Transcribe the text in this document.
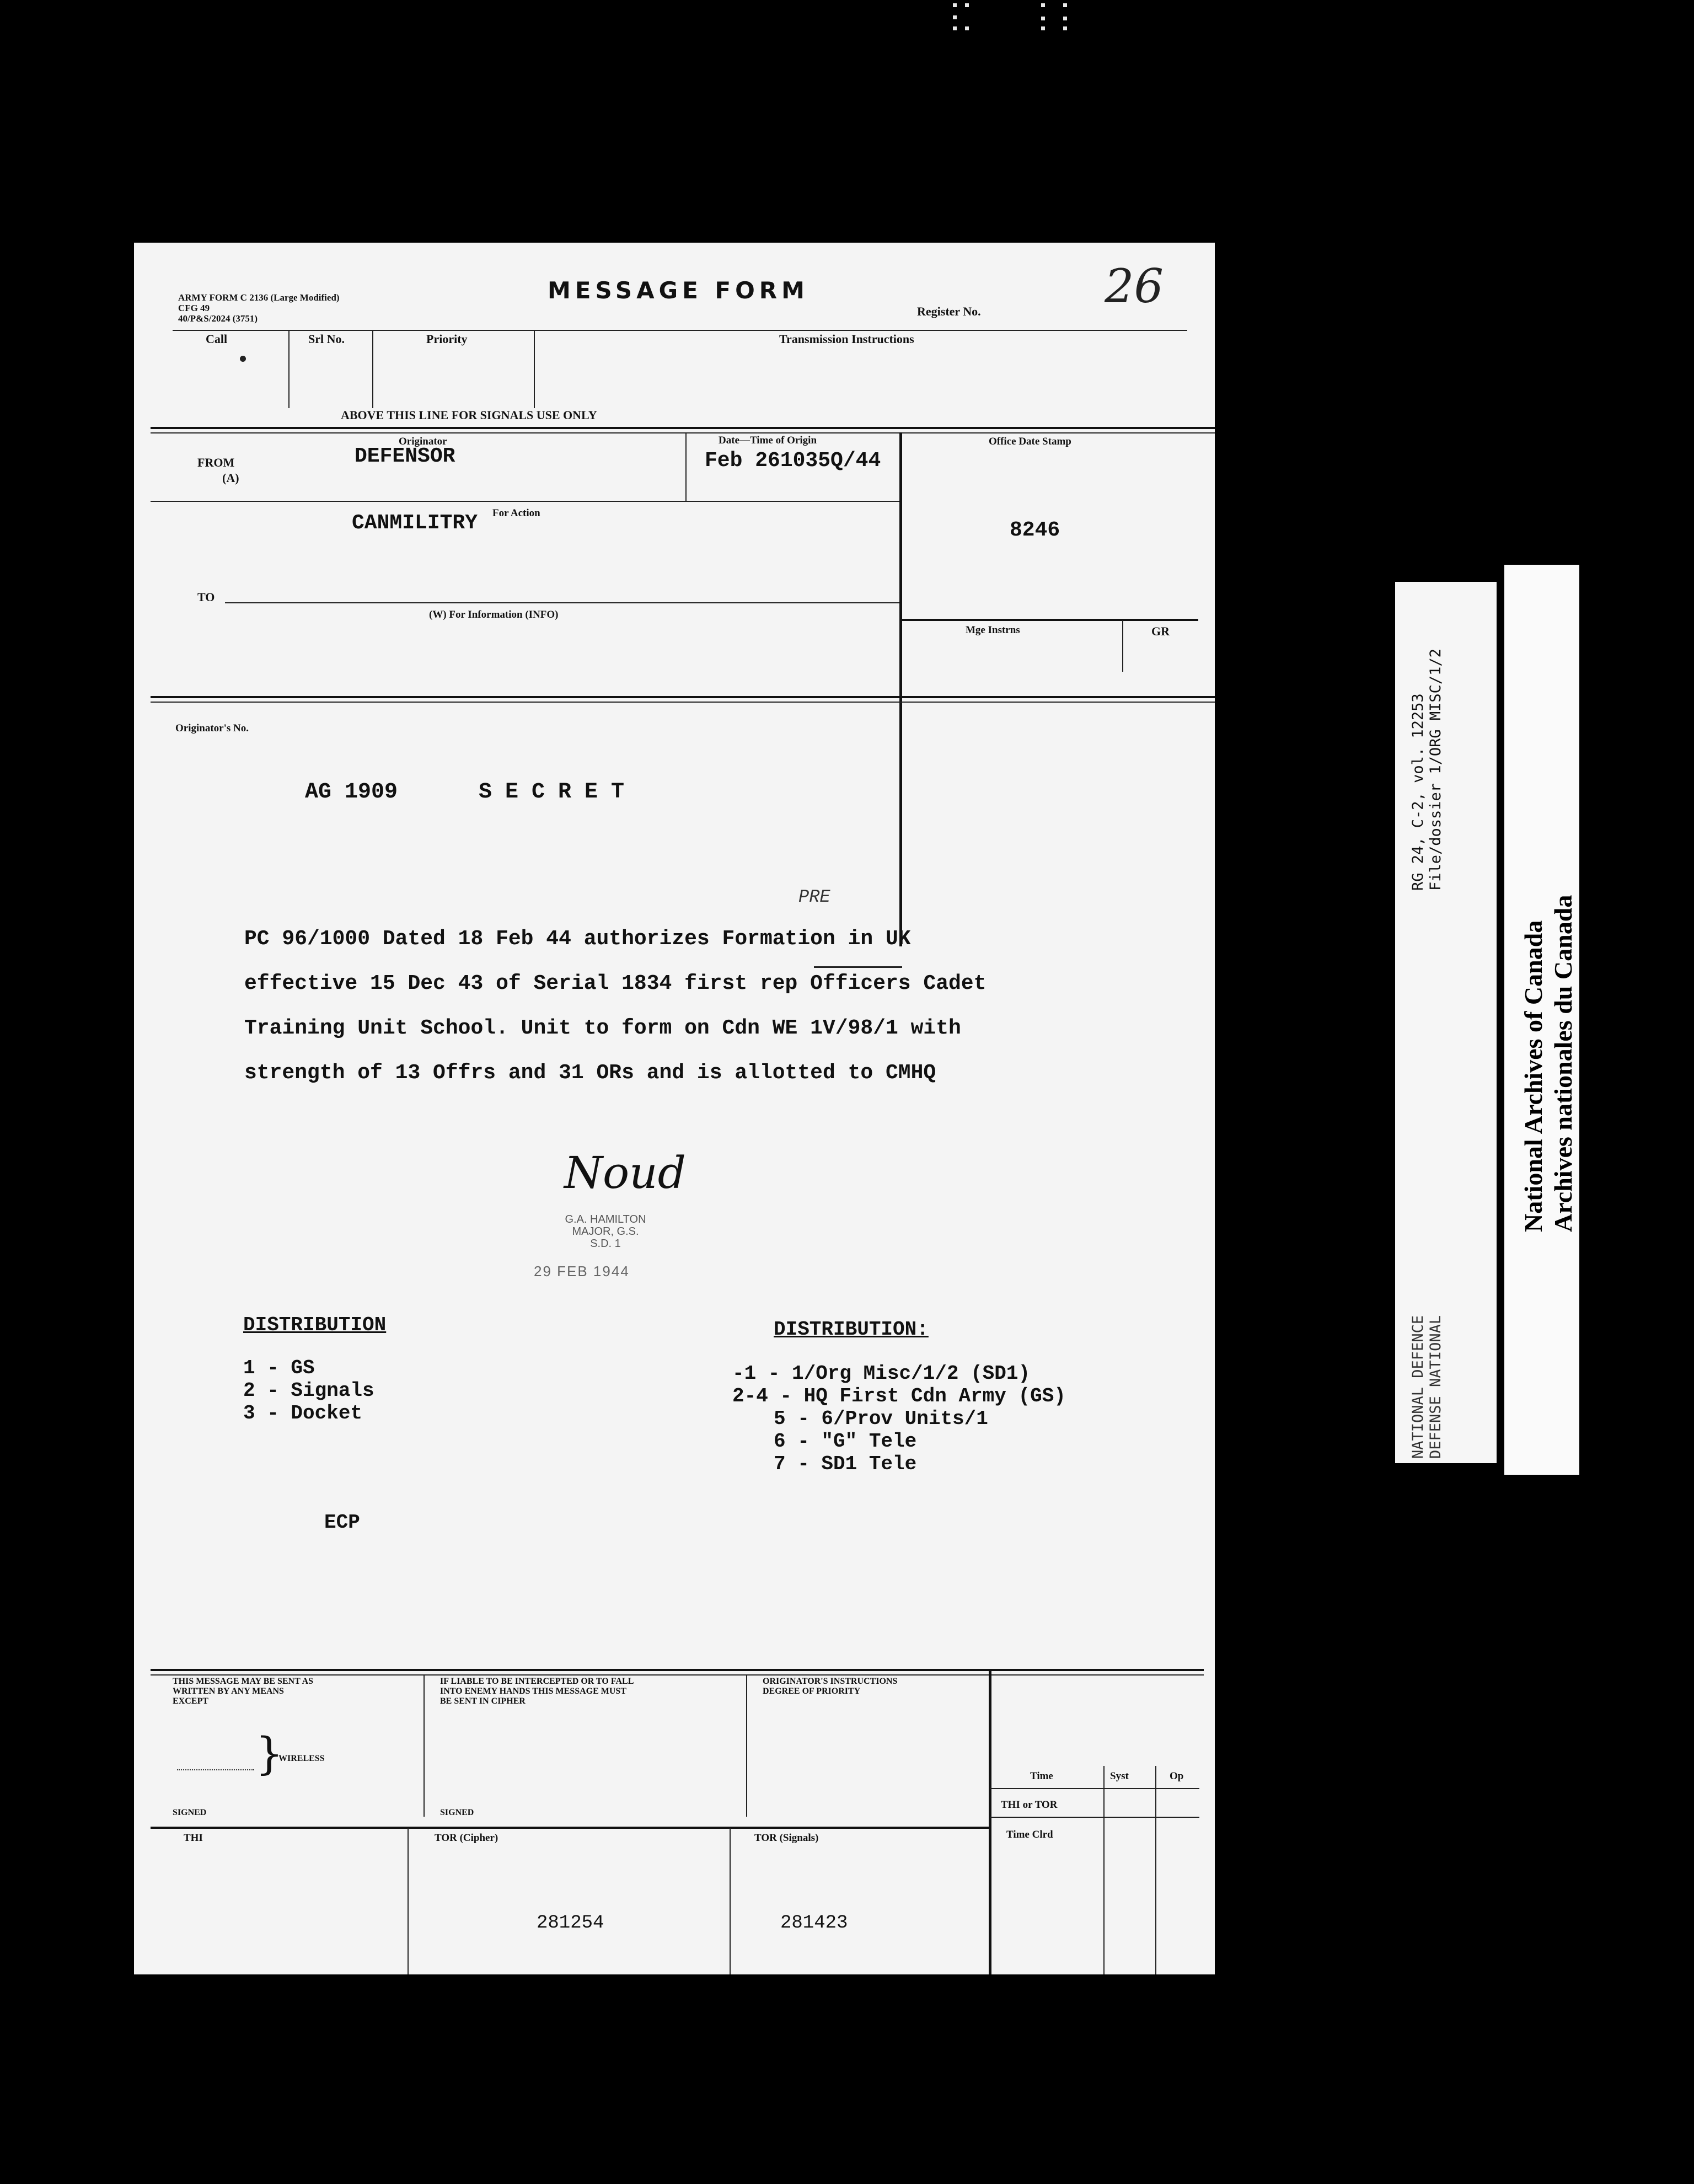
ARMY FORM C 2136 (Large Modified)
CFG 49
40/P&S/2024 (3751)
MESSAGE FORM
Register No.	26
Call	Srl No.	Priority	Transmission Instructions
ABOVE THIS LINE FOR SIGNALS USE ONLY
Originator
FROM
(A)
DEFENSOR
Date—Time of Origin
Feb 261035Q/44
Office Date Stamp
8246
CANMILITRY For Action
TO
(W) For Information (INFO)
Mge Instrns	GR
Originator's No.
AG 1909	S E C R E T
PRE
PC 96/1000 Dated 18 Feb 44 authorizes Formation in UK
effective 15 Dec 43 of Serial 1834 first rep Officers Cadet
Training Unit School. Unit to form on Cdn WE 1V/98/1 with
strength of 13 Offrs and 31 ORs and is allotted to CMHQ
Noud
G.A. HAMILTON
MAJOR, G.S.
S.D. 1
29 FEB 1944
DISTRIBUTION
1 - GS
2 - Signals
3 - Docket
DISTRIBUTION:
-1 - 1/Org Misc/1/2 (SD1)
2-4 - HQ First Cdn Army (GS)
5 - 6/Prov Units/1
6 - "G" Tele
7 - SD1 Tele
ECP
THIS MESSAGE MAY BE SENT AS
WRITTEN BY ANY MEANS
EXCEPT
}
WIRELESS
SIGNED
IF LIABLE TO BE INTERCEPTED OR TO FALL
INTO ENEMY HANDS THIS MESSAGE MUST
BE SENT IN CIPHER
SIGNED
ORIGINATOR'S INSTRUCTIONS
DEGREE OF PRIORITY
Time	Syst	Op
THI or TOR
Time Clrd
THI	TOR (Cipher)
281254
TOR (Signals)
281423
RG 24, C-2, vol. 12253 File/dossier 1/ORG MISC/1/2
NATIONAL DEFENCE DEFENSE NATIONAL
National Archives of Canada Archives nationales du Canada
